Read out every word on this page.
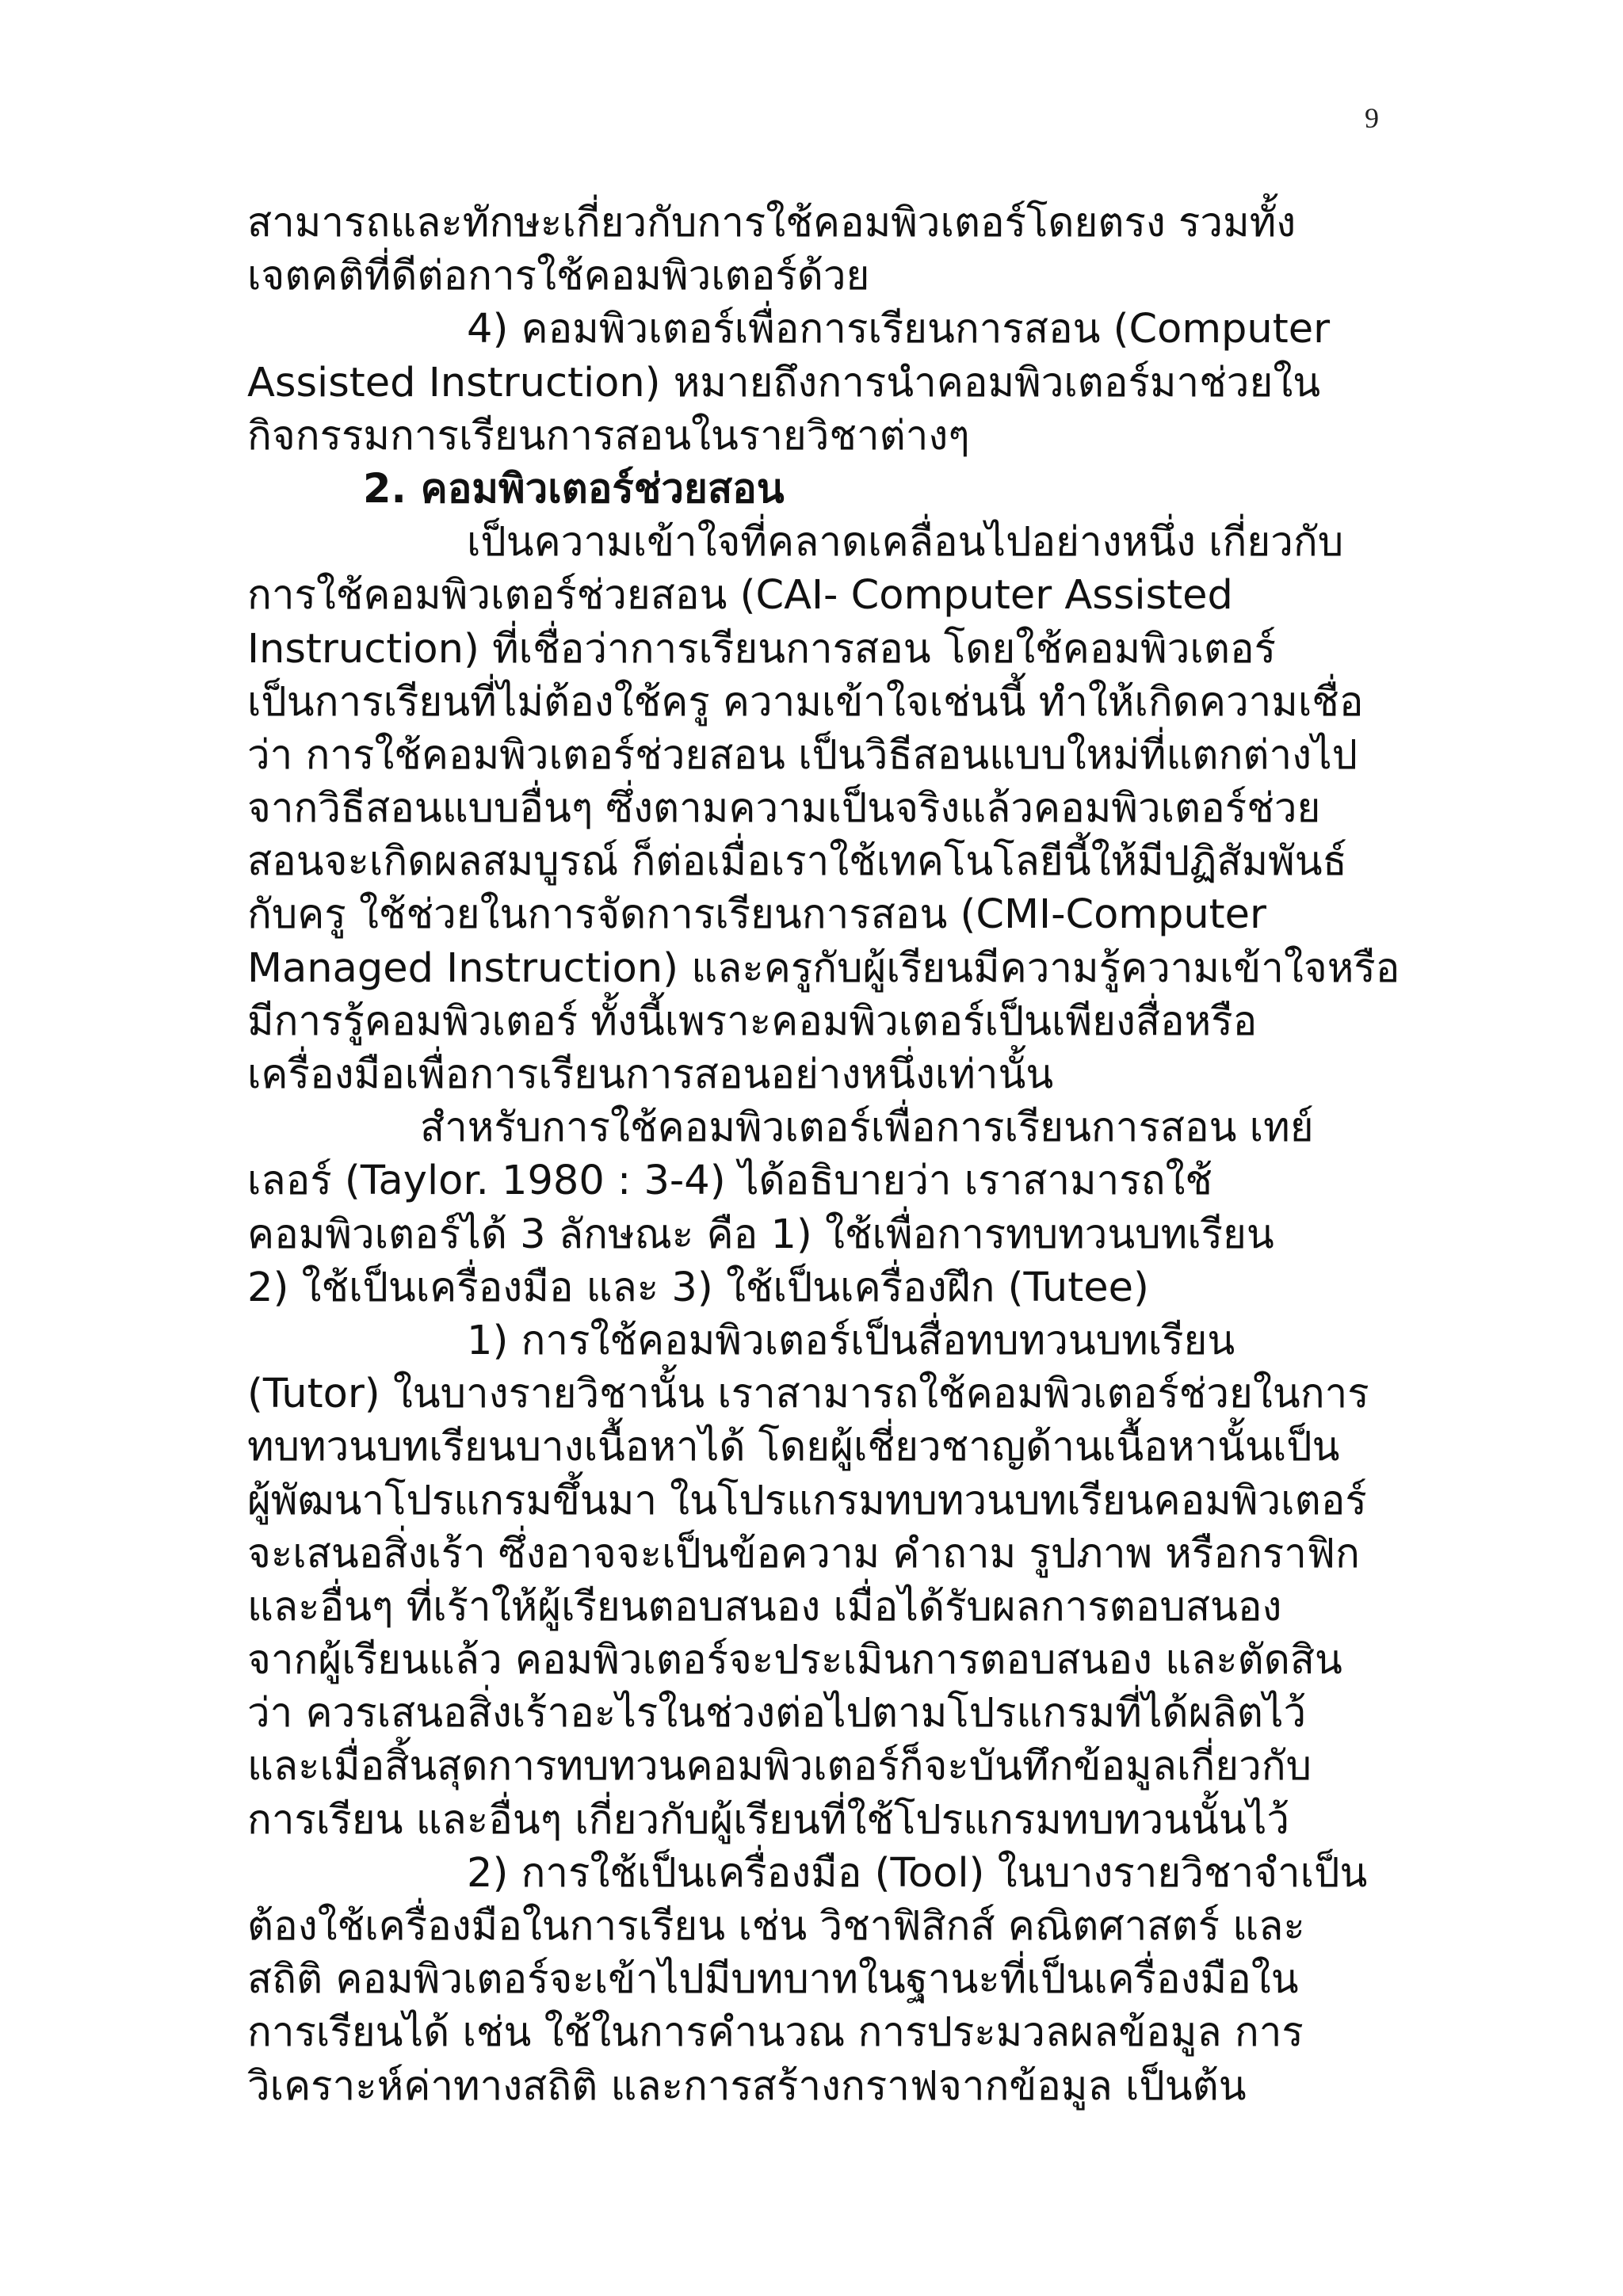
9
สามารถและทักษะเกี่ยวกับการใช้คอมพิวเตอร์โดยตรง รวมทั้ง
เจตคติที่ดีต่อการใช้คอมพิวเตอร์ด้วย
4) คอมพิวเตอร์เพื่อการเรียนการสอน (Computer
Assisted Instruction) หมายถึงการนำคอมพิวเตอร์มาช่วยใน
กิจกรรมการเรียนการสอนในรายวิชาต่างๆ
2. คอมพิวเตอร์ช่วยสอน
เป็นความเข้าใจที่คลาดเคลื่อนไปอย่างหนึ่ง เกี่ยวกับ
การใช้คอมพิวเตอร์ช่วยสอน (CAI- Computer Assisted
Instruction) ที่เชื่อว่าการเรียนการสอน โดยใช้คอมพิวเตอร์
เป็นการเรียนที่ไม่ต้องใช้ครู ความเข้าใจเช่นนี้ ทำให้เกิดความเชื่อ
ว่า การใช้คอมพิวเตอร์ช่วยสอน เป็นวิธีสอนแบบใหม่ที่แตกต่างไป
จากวิธีสอนแบบอื่นๆ ซึ่งตามความเป็นจริงแล้วคอมพิวเตอร์ช่วย
สอนจะเกิดผลสมบูรณ์ ก็ต่อเมื่อเราใช้เทคโนโลยีนี้ให้มีปฏิสัมพันธ์
กับครู ใช้ช่วยในการจัดการเรียนการสอน (CMI-Computer
Managed Instruction) และครูกับผู้เรียนมีความรู้ความเข้าใจหรือ
มีการรู้คอมพิวเตอร์ ทั้งนี้เพราะคอมพิวเตอร์เป็นเพียงสื่อหรือ
เครื่องมือเพื่อการเรียนการสอนอย่างหนึ่งเท่านั้น
สำหรับการใช้คอมพิวเตอร์เพื่อการเรียนการสอน เทย์
เลอร์ (Taylor. 1980 : 3-4) ได้อธิบายว่า เราสามารถใช้
คอมพิวเตอร์ได้ 3 ลักษณะ คือ 1) ใช้เพื่อการทบทวนบทเรียน
2) ใช้เป็นเครื่องมือ และ 3) ใช้เป็นเครื่องฝึก (Tutee)
1) การใช้คอมพิวเตอร์เป็นสื่อทบทวนบทเรียน
(Tutor) ในบางรายวิชานั้น เราสามารถใช้คอมพิวเตอร์ช่วยในการ
ทบทวนบทเรียนบางเนื้อหาได้ โดยผู้เชี่ยวชาญด้านเนื้อหานั้นเป็น
ผู้พัฒนาโปรแกรมขึ้นมา ในโปรแกรมทบทวนบทเรียนคอมพิวเตอร์
จะเสนอสิ่งเร้า ซึ่งอาจจะเป็นข้อความ คำถาม รูปภาพ หรือกราฟิก
และอื่นๆ ที่เร้าให้ผู้เรียนตอบสนอง เมื่อได้รับผลการตอบสนอง
จากผู้เรียนแล้ว คอมพิวเตอร์จะประเมินการตอบสนอง และตัดสิน
ว่า ควรเสนอสิ่งเร้าอะไรในช่วงต่อไปตามโปรแกรมที่ได้ผลิตไว้
และเมื่อสิ้นสุดการทบทวนคอมพิวเตอร์ก็จะบันทึกข้อมูลเกี่ยวกับ
การเรียน และอื่นๆ เกี่ยวกับผู้เรียนที่ใช้โปรแกรมทบทวนนั้นไว้
2) การใช้เป็นเครื่องมือ (Tool) ในบางรายวิชาจำเป็น
ต้องใช้เครื่องมือในการเรียน เช่น วิชาฟิสิกส์ คณิตศาสตร์ และ
สถิติ คอมพิวเตอร์จะเข้าไปมีบทบาทในฐานะที่เป็นเครื่องมือใน
การเรียนได้ เช่น ใช้ในการคำนวณ การประมวลผลข้อมูล การ
วิเคราะห์ค่าทางสถิติ และการสร้างกราฟจากข้อมูล เป็นต้น
